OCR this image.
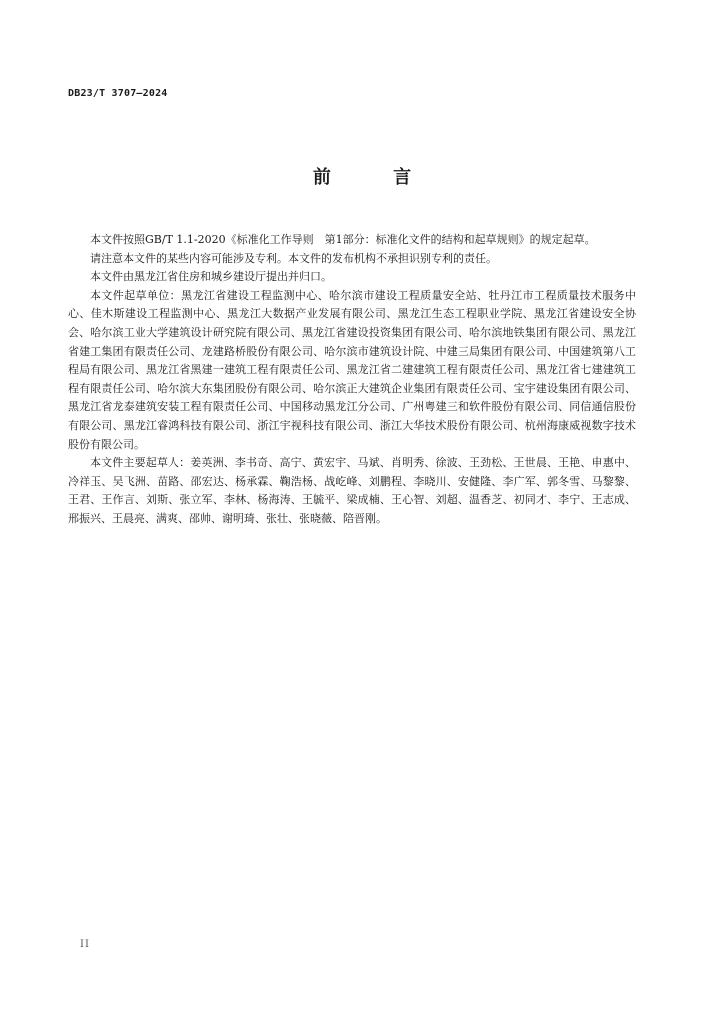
DB23/T 3707—2024
前 言

本文件按照GB/T 1.1-2020《标准化工作导则　第1部分：标准化文件的结构和起草规则》的规定起草。

请注意本文件的某些内容可能涉及专利。本文件的发布机构不承担识别专利的责任。

本文件由黑龙江省住房和城乡建设厅提出并归口。

本文件起草单位：黑龙江省建设工程监测中心、哈尔滨市建设工程质量安全站、牡丹江市工程质量技术服务中心、佳木斯建设工程监测中心、黑龙江大数据产业发展有限公司、黑龙江生态工程职业学院、黑龙江省建设安全协会、哈尔滨工业大学建筑设计研究院有限公司、黑龙江省建设投资集团有限公司、哈尔滨地铁集团有限公司、黑龙江省建工集团有限责任公司、龙建路桥股份有限公司、哈尔滨市建筑设计院、中建三局集团有限公司、中国建筑第八工程局有限公司、黑龙江省黑建一建筑工程有限责任公司、黑龙江省二建建筑工程有限责任公司、黑龙江省七建建筑工程有限责任公司、哈尔滨大东集团股份有限公司、哈尔滨正大建筑企业集团有限责任公司、宝宇建设集团有限公司、黑龙江省龙泰建筑安装工程有限责任公司、中国移动黑龙江分公司、广州粤建三和软件股份有限公司、同信通信股份有限公司、黑龙江睿鸿科技有限公司、浙江宇视科技有限公司、浙江大华技术股份有限公司、杭州海康威视数字技术股份有限公司。

本文件主要起草人：姜英洲、李书奇、高宁、黄宏宇、马斌、肖明秀、徐波、王劲松、王世晨、王艳、申惠中、冷祥玉、吴飞洲、苗路、邵宏达、杨承霖、鞠浩杨、战屹峰、刘鹏程、李晓川、安健隆、李广军、郭冬雪、马黎黎、王君、王作言、刘斯、张立军、李林、杨海涛、王毓平、梁成楠、王心智、刘超、温香芝、初同才、李宁、王志成、邢振兴、王晨亮、满爽、邵帅、谢明琦、张壮、张晓薇、陪晋刚。

II
